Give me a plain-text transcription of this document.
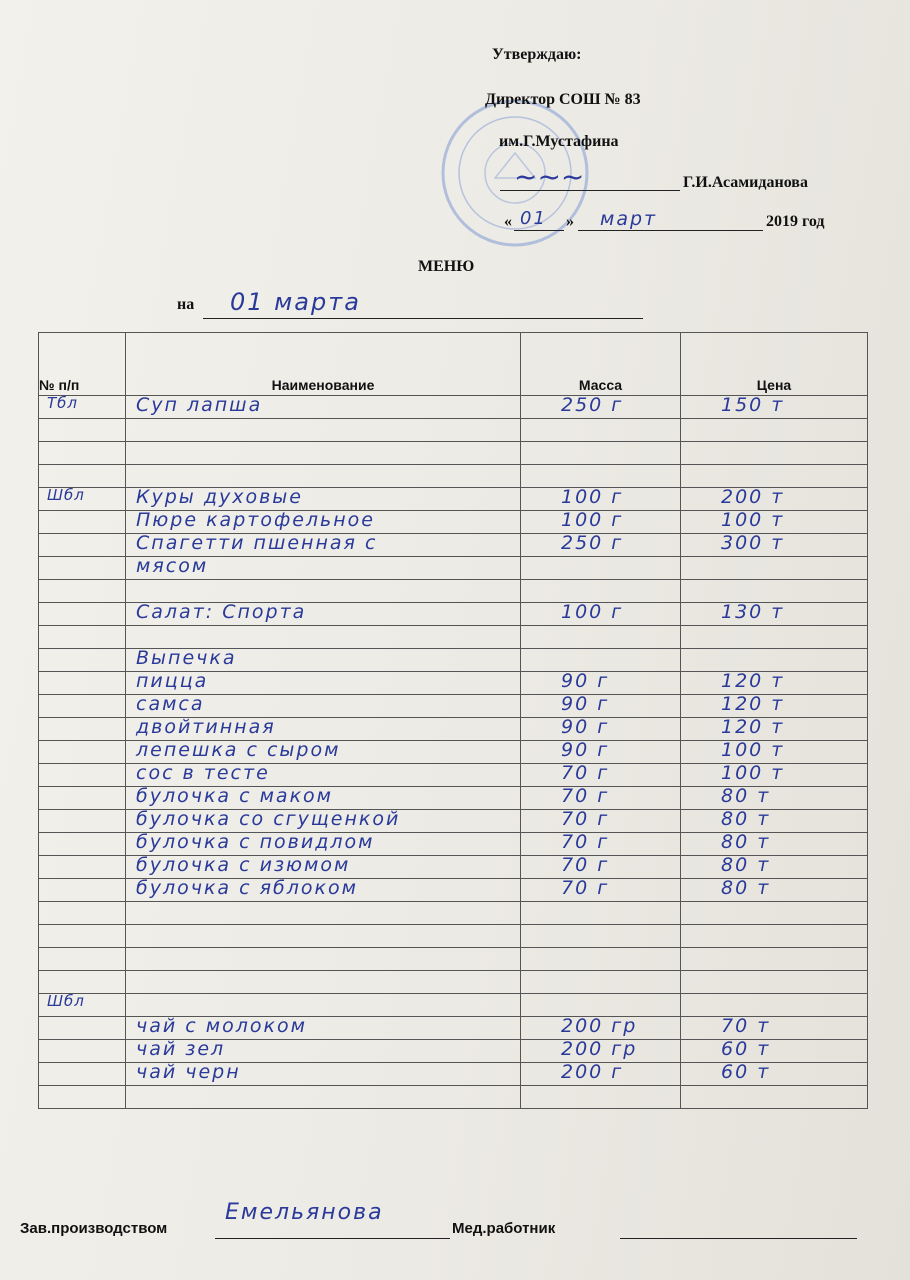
Утверждаю:
Директор СОШ № 83
им.Г.Мустафина
Г.И.Асамиданова
«	»	2019 год
~~~
01	март
МЕНЮ
на 01 марта
№ п/п	Наименование	Масса	Цена

Тбл	Суп лапша	250 г	150 т

Шбл	Куры духовые	100 г	200 т

	Пюре картофельное	100 г	100 т

	Спагетти пшенная с	250 г	300 т

	мясом		

	Салат: Спорта	100 г	130 т

	Выпечка		

	пицца	90 г	120 т

	самса	90 г	120 т

	двойтинная	90 г	120 т

	лепешка с сыром	90 г	100 т

	сос в тесте	70 г	100 т

	булочка с маком	70 г	80 т

	булочка со сгущенкой	70 г	80 т

	булочка с повидлом	70 г	80 т

	булочка с изюмом	70 г	80 т

	булочка с яблоком	70 г	80 т

Шбл			

	чай с молоком	200 гр	70 т

	чай зел	200 гр	60 т

	чай черн	200 г	60 т

Зав.производством
Емельянова
Мед.работник
